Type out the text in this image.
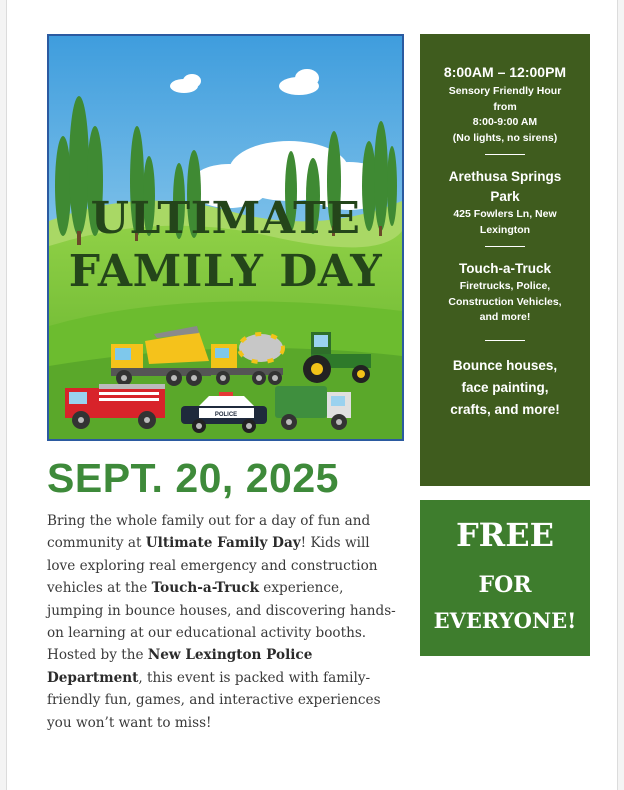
POLICE
ULTIMATE
FAMILY DAY
SEPT. 20, 2025
Bring the whole family out for a day of fun and community at Ultimate Family Day! Kids will love exploring real emergency and construction vehicles at the Touch-a-Truck experience, jumping in bounce houses, and discovering hands-on learning at our educational activity booths. Hosted by the New Lexington Police Department, this event is packed with family-friendly fun, games, and interactive experiences you won’t want to miss!
8:00AM – 12:00PM
Sensory Friendly Hour
from
8:00-9:00 AM
(No lights, no sirens)
Arethusa Springs
Park
425 Fowlers Ln, New
Lexington
Touch-a-Truck
Firetrucks, Police,
Construction Vehicles,
and more!
Bounce houses,
face painting,
crafts, and more!
FREE
FOR
EVERYONE!
